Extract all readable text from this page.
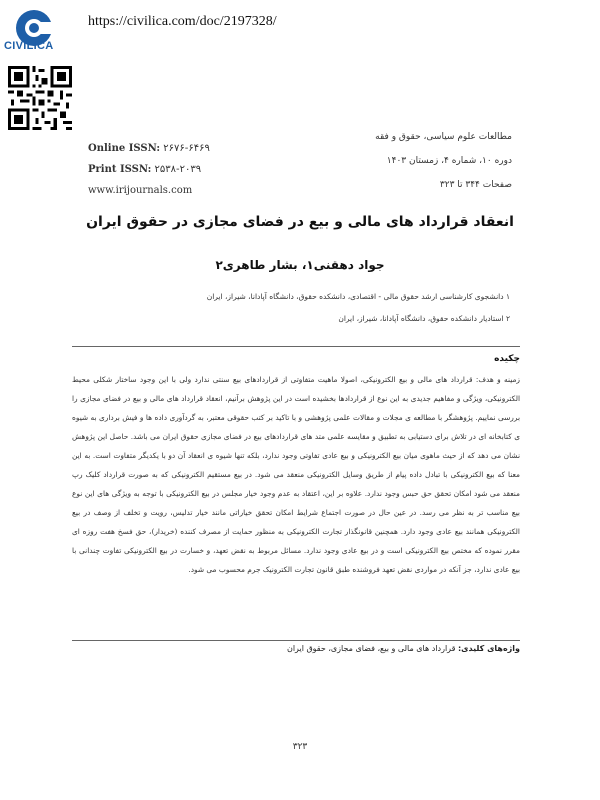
CIVILICA
https://civilica.com/doc/2197328/
Online ISSN: ۲۶۷۶-۶۴۶۹
Print ISSN: ۲۵۳۸-۲۰۳۹
www.irijournals.com
مطالعات علوم سیاسی، حقوق و فقه
دوره ۱۰، شماره ۴، زمستان ۱۴۰۳
صفحات ۳۴۴ تا ۳۲۳
انعقاد قرارداد های مالی و بیع در فضای مجازی در حقوق ایران
جواد دهقنی۱، بشار طاهری۲
۱ دانشجوی کارشناسی ارشد حقوق مالی - اقتصادی، دانشکده حقوق، دانشگاه آپادانا، شیراز، ایران
۲ استادیار دانشکده حقوق، دانشگاه آپادانا، شیراز، ایران
چکیده
زمینه و هدف: قرارداد های مالی و بیع الکترونیکی، اصولا ماهیت متفاوتی از قراردادهای بیع سنتی ندارد ولی با این وجود ساختار شکلی محیط الکترونیکی، ویژگی و مفاهیم جدیدی به این نوع از قراردادها بخشیده است در این پژوهش برآنیم، انعقاد قرارداد های مالی و بیع در فضای مجازی را بررسی نماییم. پژوهشگر با مطالعه ی مجلات و مقالات علمی پژوهشی و با تاکید بر کتب حقوقی معتبر، به گردآوری داده ها و فیش برداری به شیوه ی کتابخانه ای در تلاش برای دستیابی به تطبیق و مقایسه علمی متد های قراردادهای بیع در فضای مجازی حقوق ایران می باشد. حاصل این پژوهش نشان می دهد که از حیث ماهوی میان بیع الکترونیکی و بیع عادی تفاوتی وجود ندارد، بلکه تنها شیوه ی انعقاد آن دو با یکدیگر متفاوت است. به این معنا که بیع الکترونیکی با تبادل داده پیام از طریق وسایل الکترونیکی منعقد می شود. در بیع مستقیم الکترونیکی که به صورت قرارداد کلیک رپ منعقد می شود امکان تحقق حق حبس وجود ندارد. علاوه بر این، اعتقاد به عدم وجود خیار مجلس در بیع الکترونیکی با توجه به ویژگی های این نوع بیع مناسب تر به نظر می رسد. در عین حال در صورت اجتماع شرایط امکان تحقق خیاراتی مانند خیار تدلیس، رویت و تخلف از وصف در بیع الکترونیکی همانند بیع عادی وجود دارد. همچنین قانونگذار تجارت الکترونیکی به منظور حمایت از مصرف کننده (خریدار)، حق فسخ هفت روزه ای مقرر نموده که مختص بیع الکترونیکی است و در بیع عادی وجود ندارد. مسائل مربوط به نقض تعهد، و خسارت در بیع الکترونیکی تفاوت چندانی با بیع عادی ندارد، جز آنکه در مواردی نقض تعهد فروشنده طبق قانون تجارت الکترونیک جرم محسوب می شود.
واژه‌های کلیدی: قرارداد های مالی و بیع، فضای مجازی، حقوق ایران
۳۲۳
